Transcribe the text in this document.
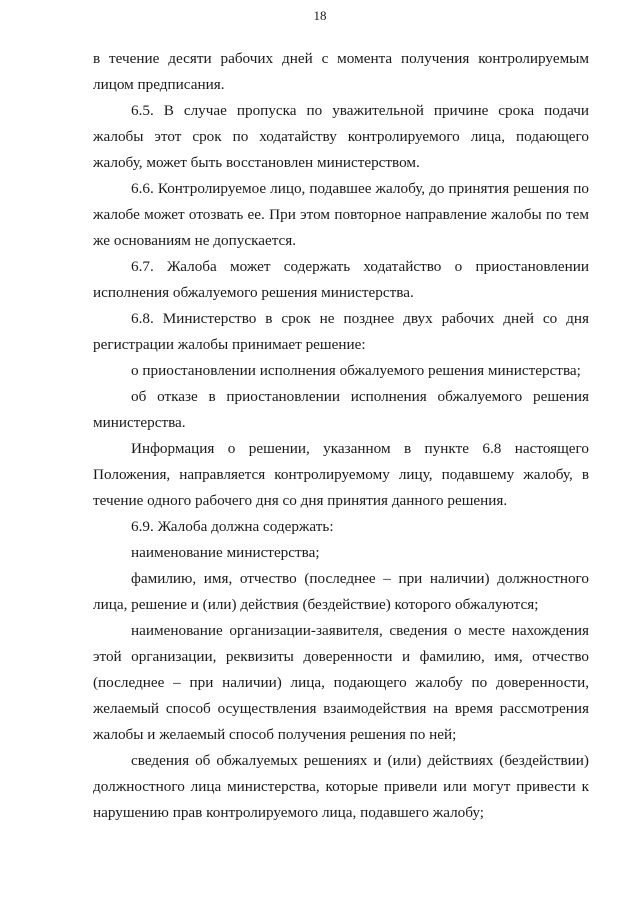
18

в течение десяти рабочих дней с момента получения контролируемым лицом предписания.

6.5. В случае пропуска по уважительной причине срока подачи жалобы этот срок по ходатайству контролируемого лица, подающего жалобу, может быть восстановлен министерством.

6.6. Контролируемое лицо, подавшее жалобу, до принятия решения по жалобе может отозвать ее. При этом повторное направление жалобы по тем же основаниям не допускается.

6.7. Жалоба может содержать ходатайство о приостановлении исполнения обжалуемого решения министерства.

6.8. Министерство в срок не позднее двух рабочих дней со дня регистрации жалобы принимает решение:

о приостановлении исполнения обжалуемого решения министерства;

об отказе в приостановлении исполнения обжалуемого решения министерства.

Информация о решении, указанном в пункте 6.8 настоящего Положения, направляется контролируемому лицу, подавшему жалобу, в течение одного рабочего дня со дня принятия данного решения.

6.9. Жалоба должна содержать:

наименование министерства;

фамилию, имя, отчество (последнее – при наличии) должностного лица, решение и (или) действия (бездействие) которого обжалуются;

наименование организации-заявителя, сведения о месте нахождения этой организации, реквизиты доверенности и фамилию, имя, отчество (последнее – при наличии) лица, подающего жалобу по доверенности, желаемый способ осуществления взаимодействия на время рассмотрения жалобы и желаемый способ получения решения по ней;

сведения об обжалуемых решениях и (или) действиях (бездействии) должностного лица министерства, которые привели или могут привести к нарушению прав контролируемого лица, подавшего жалобу;
